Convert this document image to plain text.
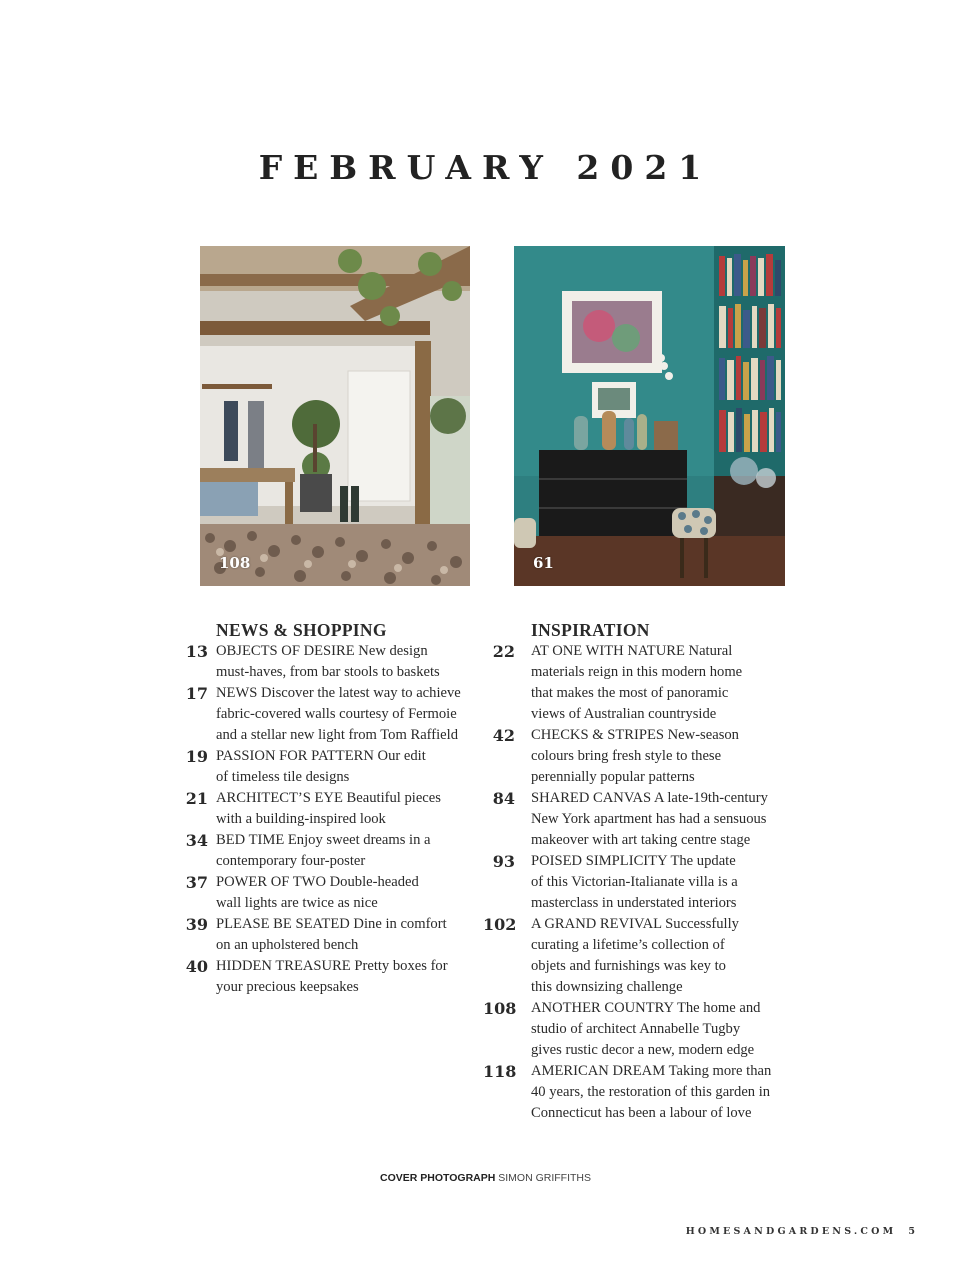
FEBRUARY 2021
108	61
NEWS & SHOPPING
13 OBJECTS OF DESIRE New design
must-haves, from bar stools to baskets
17 NEWS Discover the latest way to achieve
fabric-covered walls courtesy of Fermoie
and a stellar new light from Tom Raffield
19 PASSION FOR PATTERN Our edit
of timeless tile designs
21 ARCHITECT’S EYE Beautiful pieces
with a building-inspired look
34 BED TIME Enjoy sweet dreams in a
contemporary four-poster
37 POWER OF TWO Double-headed
wall lights are twice as nice
39 PLEASE BE SEATED Dine in comfort
on an upholstered bench
40 HIDDEN TREASURE Pretty boxes for
your precious keepsakes
INSPIRATION
22 AT ONE WITH NATURE Natural
materials reign in this modern home
that makes the most of panoramic
views of Australian countryside
42 CHECKS & STRIPES New-season
colours bring fresh style to these
perennially popular patterns
84 SHARED CANVAS A late-19th-century
New York apartment has had a sensuous
makeover with art taking centre stage
93 POISED SIMPLICITY The update
of this Victorian-Italianate villa is a
masterclass in understated interiors
102 A GRAND REVIVAL Successfully
curating a lifetime’s collection of
objets and furnishings was key to
this downsizing challenge
108 ANOTHER COUNTRY The home and
studio of architect Annabelle Tugby
gives rustic decor a new, modern edge
118 AMERICAN DREAM Taking more than
40 years, the restoration of this garden in
Connecticut has been a labour of love
COVER PHOTOGRAPH SIMON GRIFFITHS
HOMESANDGARDENS.COM 5
